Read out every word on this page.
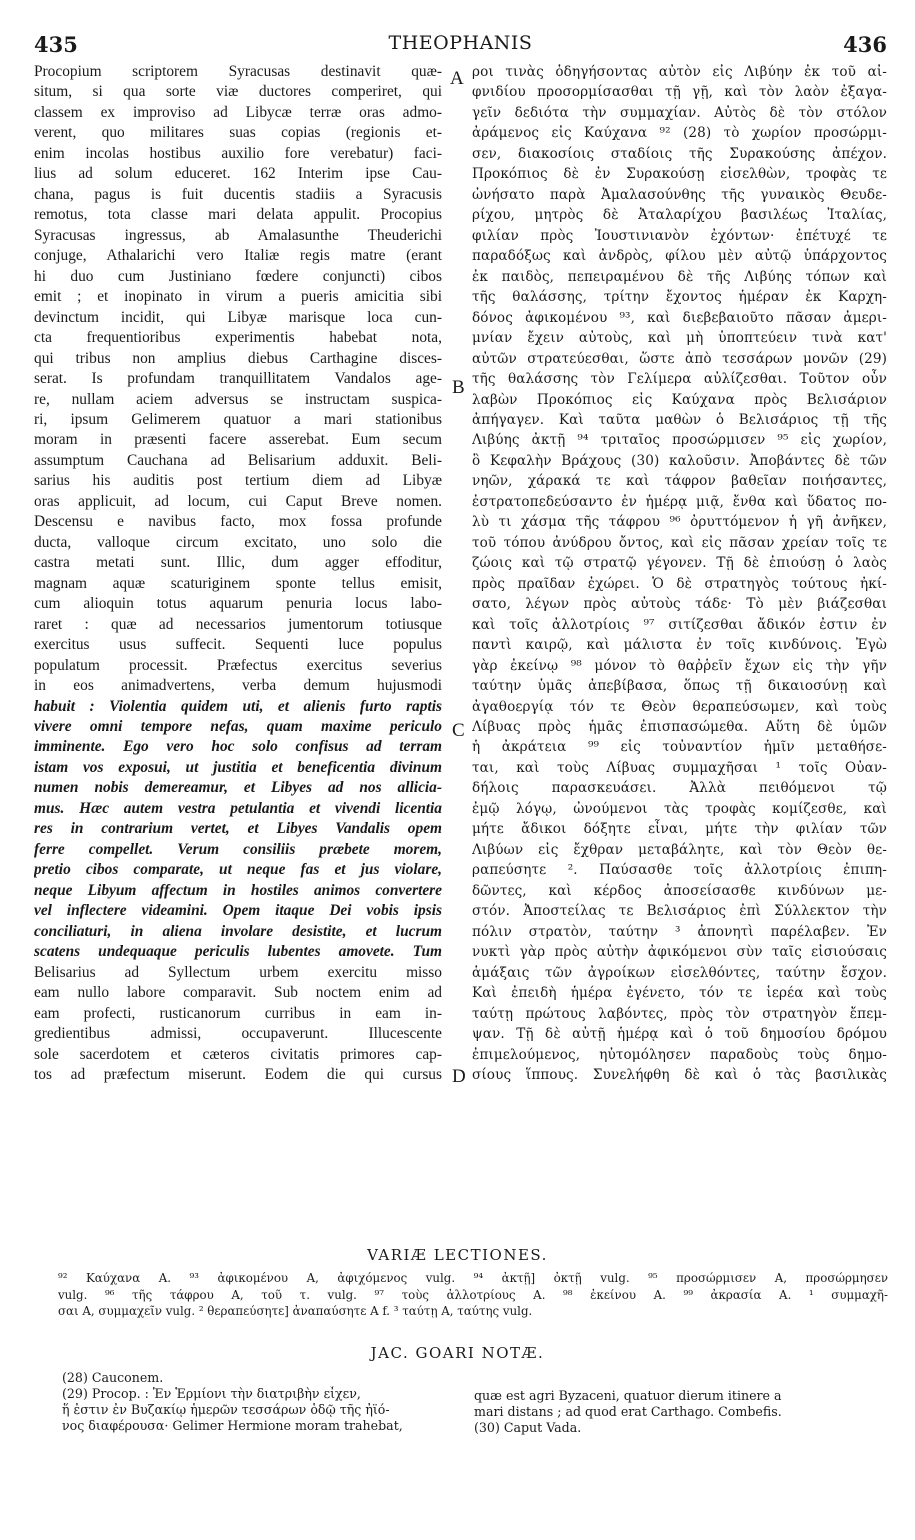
435	THEOPHANIS	436
Procopium scriptorem Syracusas destinavit quæ-
situm, si qua sorte viæ ductores comperiret, qui
classem ex improviso ad Libycæ terræ oras admo-
verent, quo militares suas copias (regionis et-
enim incolas hostibus auxilio fore verebatur) faci-
lius ad solum educeret. 162 Interim ipse Cau-
chana, pagus is fuit ducentis stadiis a Syracusis
remotus, tota classe mari delata appulit. Procopius
Syracusas ingressus, ab Amalasunthe Theuderichi
conjuge, Athalarichi vero Italiæ regis matre (erant
hi duo cum Justiniano fœdere conjuncti) cibos
emit ; et inopinato in virum a pueris amicitia sibi
devinctum incidit, qui Libyæ marisque loca cun-
cta frequentioribus experimentis habebat nota,
qui tribus non amplius diebus Carthagine disces-
serat. Is profundam tranquillitatem Vandalos age-
re, nullam aciem adversus se instructam suspica-
ri, ipsum Gelimerem quatuor a mari stationibus
moram in præsenti facere asserebat. Eum secum
assumptum Cauchana ad Belisarium adduxit. Beli-
sarius his auditis post tertium diem ad Libyæ
oras applicuit, ad locum, cui Caput Breve nomen.
Descensu e navibus facto, mox fossa profunde
ducta, valloque circum excitato, uno solo die
castra metati sunt. Illic, dum agger effoditur,
magnam aquæ scaturiginem sponte tellus emisit,
cum alioquin totus aquarum penuria locus labo-
raret : quæ ad necessarios jumentorum totiusque
exercitus usus suffecit. Sequenti luce populus
populatum processit. Præfectus exercitus severius
in eos animadvertens, verba demum hujusmodi
habuit : Violentia quidem uti, et alienis furto raptis
vivere omni tempore nefas, quam maxime periculo
imminente. Ego vero hoc solo confisus ad terram
istam vos exposui, ut justitia et beneficentia divinum
numen nobis demereamur, et Libyes ad nos allicia-
mus. Hæc autem vestra petulantia et vivendi licentia
res in contrarium vertet, et Libyes Vandalis opem
ferre compellet. Verum consiliis præbete morem,
pretio cibos comparate, ut neque fas et jus violare,
neque Libyum affectum in hostiles animos convertere
vel inflectere videamini. Opem itaque Dei vobis ipsis
conciliaturi, in aliena involare desistite, et lucrum
scatens undequaque periculis lubentes amovete. Tum
Belisarius ad Syllectum urbem exercitu misso
eam nullo labore comparavit. Sub noctem enim ad
eam profecti, rusticanorum curribus in eam in-
gredientibus admissi, occupaverunt. Illucescente
sole sacerdotem et cæteros civitatis primores cap-
tos ad præfectum miserunt. Eodem die qui cursus
ροι τινὰς ὁδηγήσοντας αὐτὸν εἰς Λιβύην ἐκ τοῦ αἰ-
φνιδίου προσορμίσασθαι τῇ γῇ, καὶ τὸν λαὸν ἐξαγα-
γεῖν δεδιότα τὴν συμμαχίαν. Αὐτὸς δὲ τὸν στόλον
ἀράμενος εἰς Καύχανα ⁹² (28) τὸ χωρίον προσώρμι-
σεν, διακοσίοις σταδίοις τῆς Συρακούσης ἀπέχον.
Προκόπιος δὲ ἐν Συρακούσῃ εἰσελθὼν, τροφὰς τε
ὠνήσατο παρὰ Ἀμαλασούνθης τῆς γυναικὸς Θευδε-
ρίχου, μητρὸς δὲ Ἀταλαρίχου βασιλέως Ἰταλίας,
φιλίαν πρὸς Ἰουστινιανὸν ἐχόντων· ἐπέτυχέ τε
παραδόξως καὶ ἀνδρὸς, φίλου μὲν αὐτῷ ὑπάρχοντος
ἐκ παιδὸς, πεπειραμένου δὲ τῆς Λιβύης τόπων καὶ
τῆς θαλάσσης, τρίτην ἔχοντος ἡμέραν ἐκ Καρχη-
δόνος ἀφικομένου ⁹³, καὶ διεβεβαιοῦτο πᾶσαν ἀμερι-
μνίαν ἔχειν αὐτοὺς, καὶ μὴ ὑποπτεύειν τινὰ κατ'
αὐτῶν στρατεύεσθαι, ὥστε ἀπὸ τεσσάρων μονῶν (29)
τῆς θαλάσσης τὸν Γελίμερα αὐλίζεσθαι. Τοῦτον οὖν
λαβὼν Προκόπιος εἰς Καύχανα πρὸς Βελισάριον
ἀπήγαγεν. Καὶ ταῦτα μαθὼν ὁ Βελισάριος τῇ τῆς
Λιβύης ἀκτῇ ⁹⁴ τριταῖος προσώρμισεν ⁹⁵ εἰς χωρίον,
ὃ Κεφαλὴν Βράχους (30) καλοῦσιν. Ἀποβάντες δὲ τῶν
νηῶν, χάρακά τε καὶ τάφρον βαθεῖαν ποιήσαντες,
ἐστρατοπεδεύσαντο ἐν ἡμέρᾳ μιᾷ, ἔνθα καὶ ὕδατος πο-
λὺ τι χάσμα τῆς τάφρου ⁹⁶ ὀρυττόμενον ἡ γῆ ἀνῆκεν,
τοῦ τόπου ἀνύδρου ὄντος, καὶ εἰς πᾶσαν χρείαν τοῖς τε
ζώοις καὶ τῷ στρατῷ γέγονεν. Τῇ δὲ ἐπιούσῃ ὁ λαὸς
πρὸς πραῖδαν ἐχώρει. Ὁ δὲ στρατηγὸς τούτους ἠκί-
σατο, λέγων πρὸς αὐτοὺς τάδε· Τὸ μὲν βιάζεσθαι
καὶ τοῖς ἀλλοτρίοις ⁹⁷ σιτίζεσθαι ἄδικόν ἐστιν ἐν
παντὶ καιρῷ, καὶ μάλιστα ἐν τοῖς κινδύνοις. Ἐγὼ
γὰρ ἐκείνῳ ⁹⁸ μόνον τὸ θαῤῥεῖν ἔχων εἰς τὴν γῆν
ταύτην ὑμᾶς ἀπεβίβασα, ὅπως τῇ δικαιοσύνῃ καὶ
ἀγαθοεργίᾳ τόν τε Θεὸν θεραπεύσωμεν, καὶ τοὺς
Λίβυας πρὸς ἡμᾶς ἐπισπασώμεθα. Αὕτη δὲ ὑμῶν
ἡ ἀκράτεια ⁹⁹ εἰς τοὐναντίον ἡμῖν μεταθήσε-
ται, καὶ τοὺς Λίβυας συμμαχῆσαι ¹ τοῖς Οὐαν-
δήλοις παρασκευάσει. Ἀλλὰ πειθόμενοι τῷ
ἐμῷ λόγῳ, ὠνούμενοι τὰς τροφὰς κομίζεσθε, καὶ
μήτε ἄδικοι δόξητε εἶναι, μήτε τὴν φιλίαν τῶν
Λιβύων εἰς ἔχθραν μεταβάλητε, καὶ τὸν Θεὸν θε-
ραπεύσητε ². Παύσασθε τοῖς ἀλλοτρίοις ἐπιπη-
δῶντες, καὶ κέρδος ἀποσείσασθε κινδύνων με-
στόν. Ἀποστείλας τε Βελισάριος ἐπὶ Σύλλεκτον τὴν
πόλιν στρατὸν, ταύτην ³ ἀπονητὶ παρέλαβεν. Ἐν
νυκτὶ γὰρ πρὸς αὐτὴν ἀφικόμενοι σὺν ταῖς εἰσιούσαις
ἁμάξαις τῶν ἀγροίκων εἰσελθόντες, ταύτην ἔσχον.
Καὶ ἐπειδὴ ἡμέρα ἐγένετο, τόν τε ἱερέα καὶ τοὺς
ταύτῃ πρώτους λαβόντες, πρὸς τὸν στρατηγὸν ἔπεμ-
ψαν. Τῇ δὲ αὐτῇ ἡμέρᾳ καὶ ὁ τοῦ δημοσίου δρόμου
ἐπιμελούμενος, ηὐτομόλησεν παραδοὺς τοὺς δημο-
σίους ἵππους. Συνελήφθη δὲ καὶ ὁ τὰς βασιλικὰς
A
B
C
D
VARIÆ LECTIONES.
⁹² Καύχανα A. ⁹³ ἀφικομένου A, ἀφιχόμενος vulg. ⁹⁴ ἀκτῇ] ὀκτῇ vulg. ⁹⁵ προσώρμισεν A, προσώρμησεν
vulg. ⁹⁶ τῆς τάφρου A, τοῦ τ. vulg. ⁹⁷ τοὺς ἀλλοτρίους A. ⁹⁸ ἐκείνου A. ⁹⁹ ἀκρασία A. ¹ συμμαχῆ-
σαι A, συμμαχεῖν vulg. ² θεραπεύσητε] ἀναπαύσητε A f. ³ ταύτῃ A, ταύτης vulg.
JAC. GOARI NOTÆ.
(28) Cauconem.
(29) Procop. : Ἐν Ἑρμίονι τὴν διατριβὴν εἶχεν,
ἥ ἐστιν ἐν Βυζακίῳ ἡμερῶν τεσσάρων ὁδῷ τῆς ἠϊό-
νος διαφέρουσα· Gelimer Hermione moram trahebat,
quæ est agri Byzaceni, quatuor dierum itinere a
mari distans ; ad quod erat Carthago. Combefis.
(30) Caput Vada.
